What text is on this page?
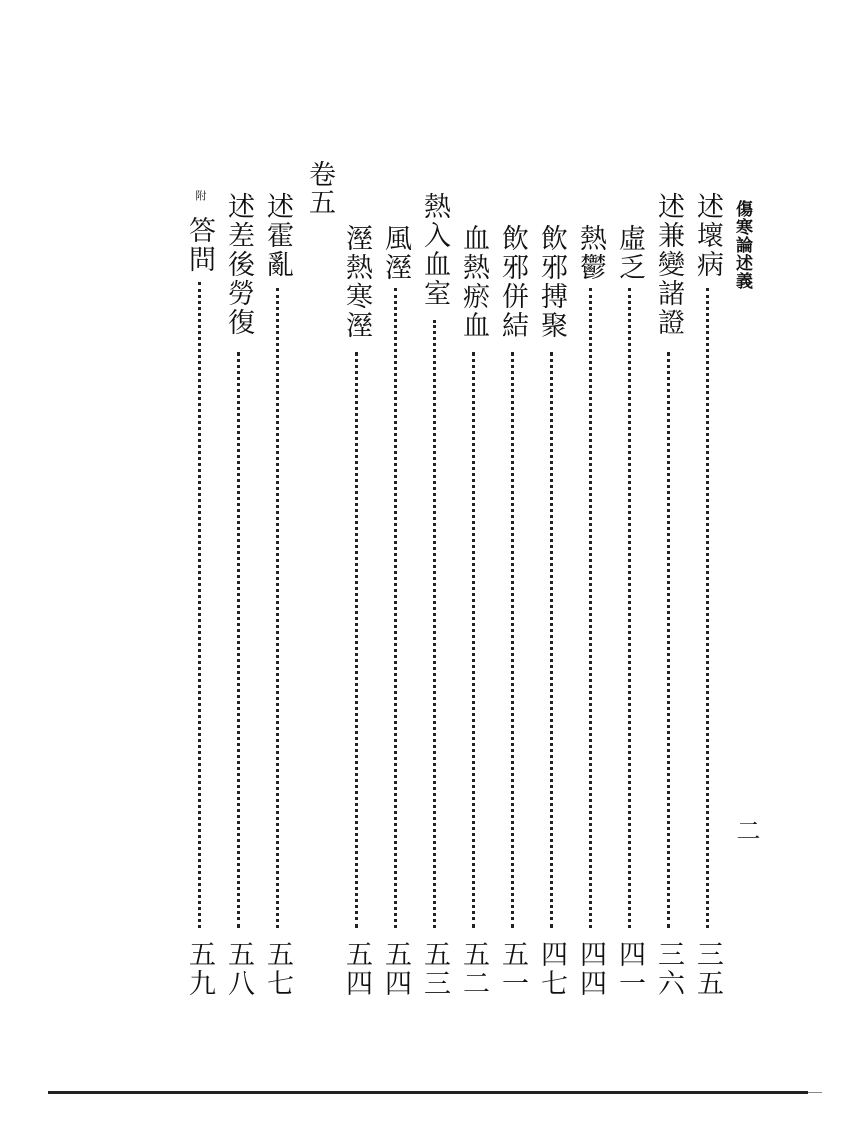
傷寒論述義
二
卷五
述壞病
三五
述兼變諸證
三六
虛乏
四一
熱鬱
四四
飲邪搏聚
四七
飲邪併結
五一
血熱瘀血
五二
熱入血室
五三
風溼
五四
溼熱寒溼
五四
述霍亂
五七
述差後勞復
五八
附
答問
五九
